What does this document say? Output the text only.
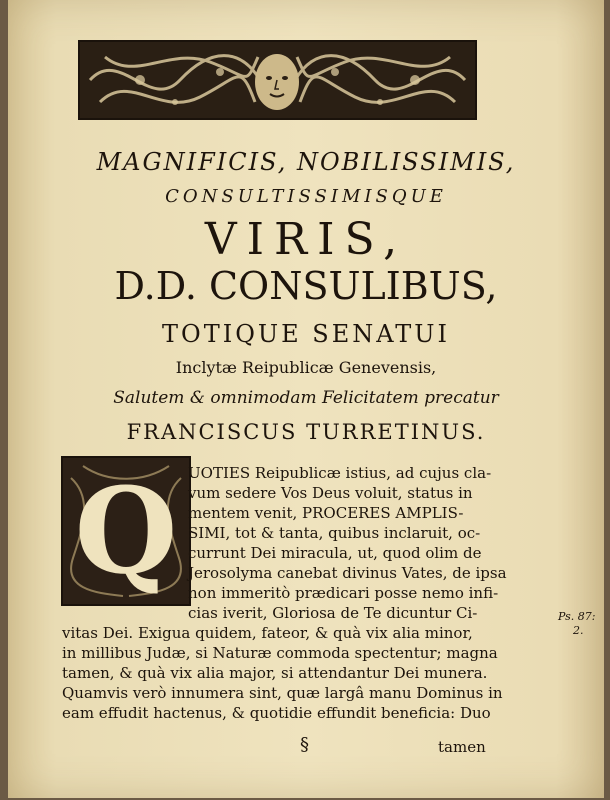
MAGNIFICIS, NOBILISSIMIS,
CONSULTISSIMISQUE
VIRIS,
D.D. CONSULIBUS,
TOTIQUE SENATUI
Inclytæ Reipublicæ Genevensis,
Salutem & omnimodam Felicitatem precatur
FRANCISCUS TURRETINUS.
Q UOTIES Reipublicæ istius, ad cujus cla-
vum sedere Vos Deus voluit, status in
mentem venit, PROCERES AMPLIS-
SIMI, tot & tanta, quibus inclaruit, oc-
currunt Dei miracula, ut, quod olim de
Jerosolyma canebat divinus Vates, de ipsa
non immeritò prædicari posse nemo infi-
cias iverit, Gloriosa de Te dicuntur Ci-
vitas Dei. Exigua quidem, fateor, & quà vix alia minor,
in millibus Judæ, si Naturæ commoda spectentur; magna
tamen, & quà vix alia major, si attendantur Dei munera.
Quamvis verò innumera sint, quæ largâ manu Dominus in
eam effudit hactenus, & quotidie effundit beneficia: Duo
Ps. 87:
2.
§	tamen
